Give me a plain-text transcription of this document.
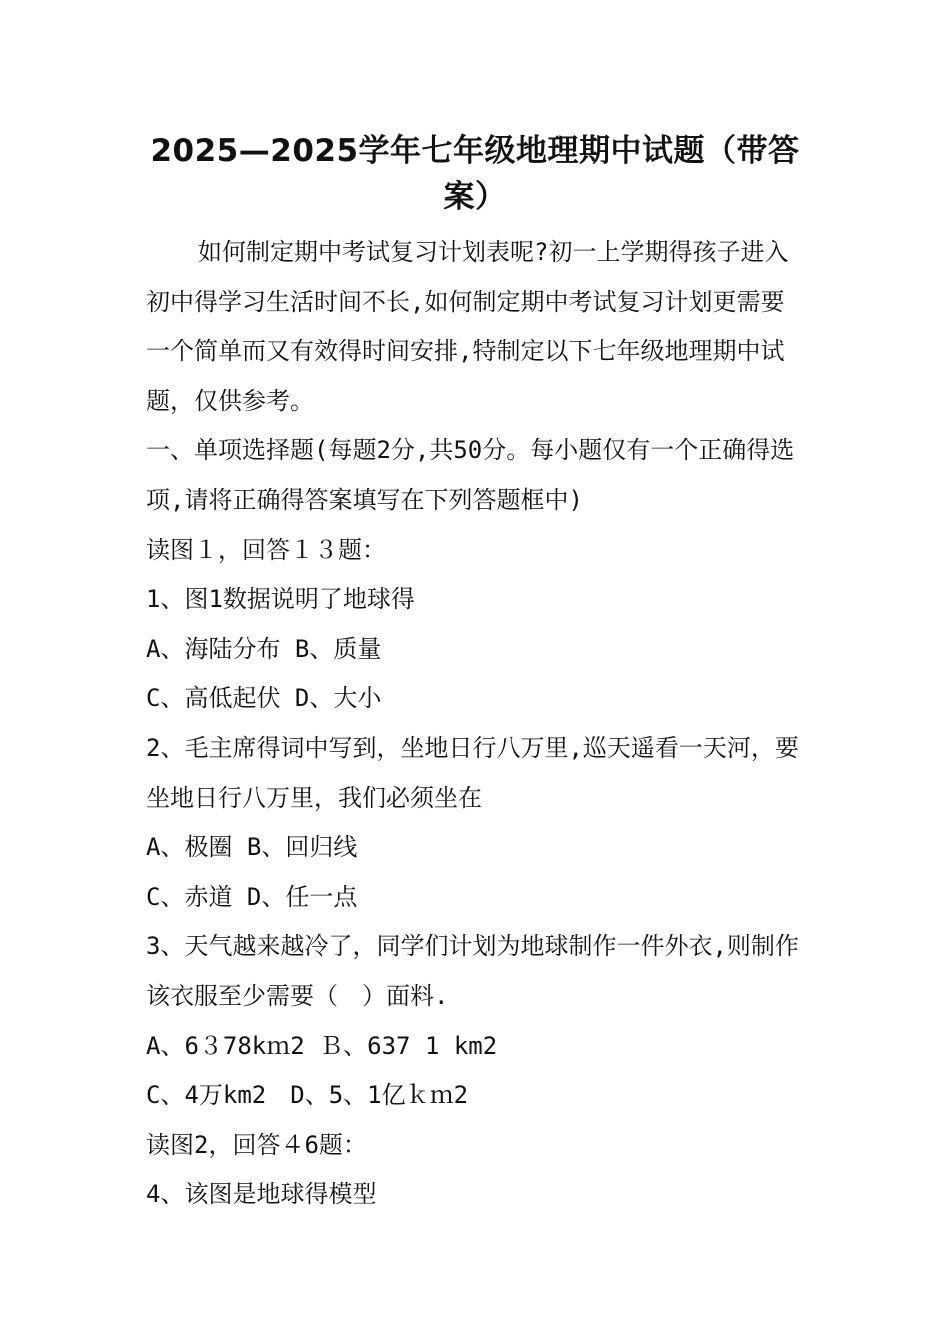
2025—2025学年七年级地理期中试题（带答案）

如何制定期中考试复习计划表呢?初一上学期得孩子进入初中得学习生活时间不长,如何制定期中考试复习计划更需要一个简单而又有效得时间安排,特制定以下七年级地理期中试题，仅供参考。

一、单项选择题(每题2分,共50分。每小题仅有一个正确得选项,请将正确得答案填写在下列答题框中)

读图１，回答１３题：

1、图1数据说明了地球得

A、海陆分布 B、质量

C、高低起伏 D、大小

2、毛主席得词中写到，坐地日行八万里,巡天遥看一天河，要坐地日行八万里，我们必须坐在

A、极圈 B、回归线

C、赤道 D、任一点

3、天气越来越冷了，同学们计划为地球制作一件外衣,则制作该衣服至少需要（　）面料.

A、6３78kｍ2 Ｂ、637 1 km2

C、4万km2　D、5、1亿ｋｍ2

读图2，回答４6题：

4、该图是地球得模型
